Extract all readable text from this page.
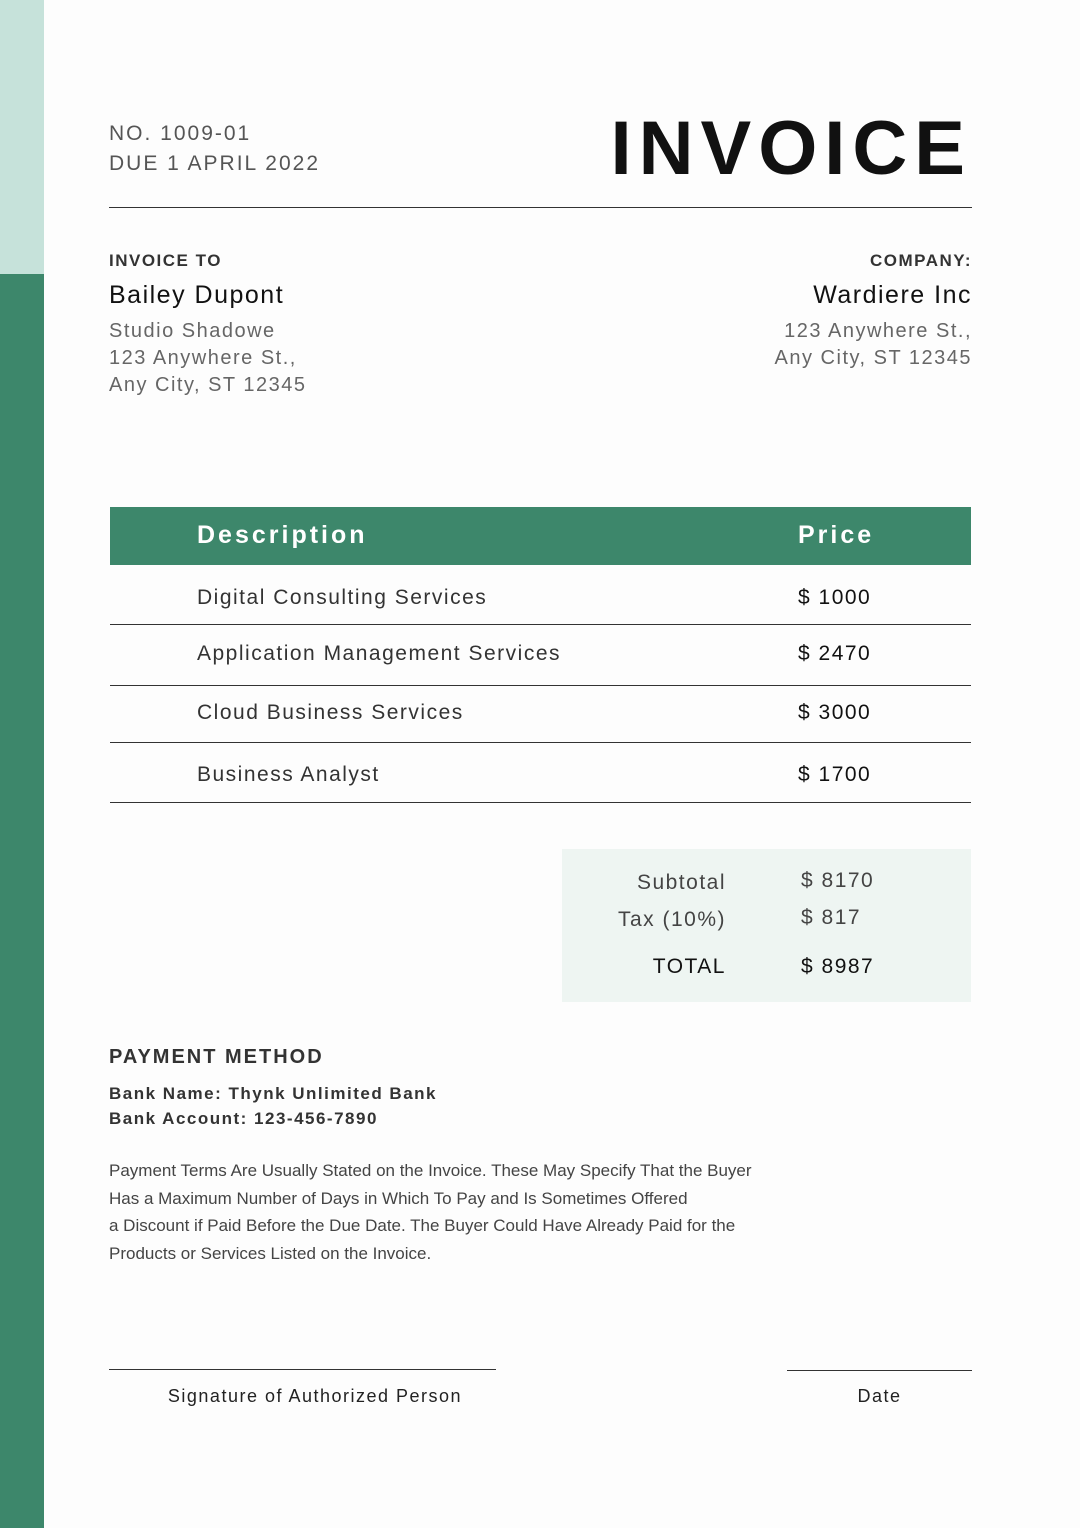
NO. 1009-01
DUE 1 APRIL 2022	INVOICE
INVOICE TO
Bailey Dupont
Studio Shadowe
123 Anywhere St.,
Any City, ST 12345
COMPANY:
Wardiere Inc
123 Anywhere St.,
Any City, ST 12345
Description	Price
Digital Consulting Services	$ 1000
Application Management Services	$ 2470
Cloud Business Services	$ 3000
Business Analyst	$ 1700
Subtotal	$ 8170
Tax (10%)	$ 817
TOTAL	$ 8987
PAYMENT METHOD
Bank Name: Thynk Unlimited Bank
Bank Account: 123-456-7890
Payment Terms Are Usually Stated on the Invoice. These May Specify That the Buyer
Has a Maximum Number of Days in Which To Pay and Is Sometimes Offered
a Discount if Paid Before the Due Date. The Buyer Could Have Already Paid for the
Products or Services Listed on the Invoice.
Signature of Authorized Person	Date
